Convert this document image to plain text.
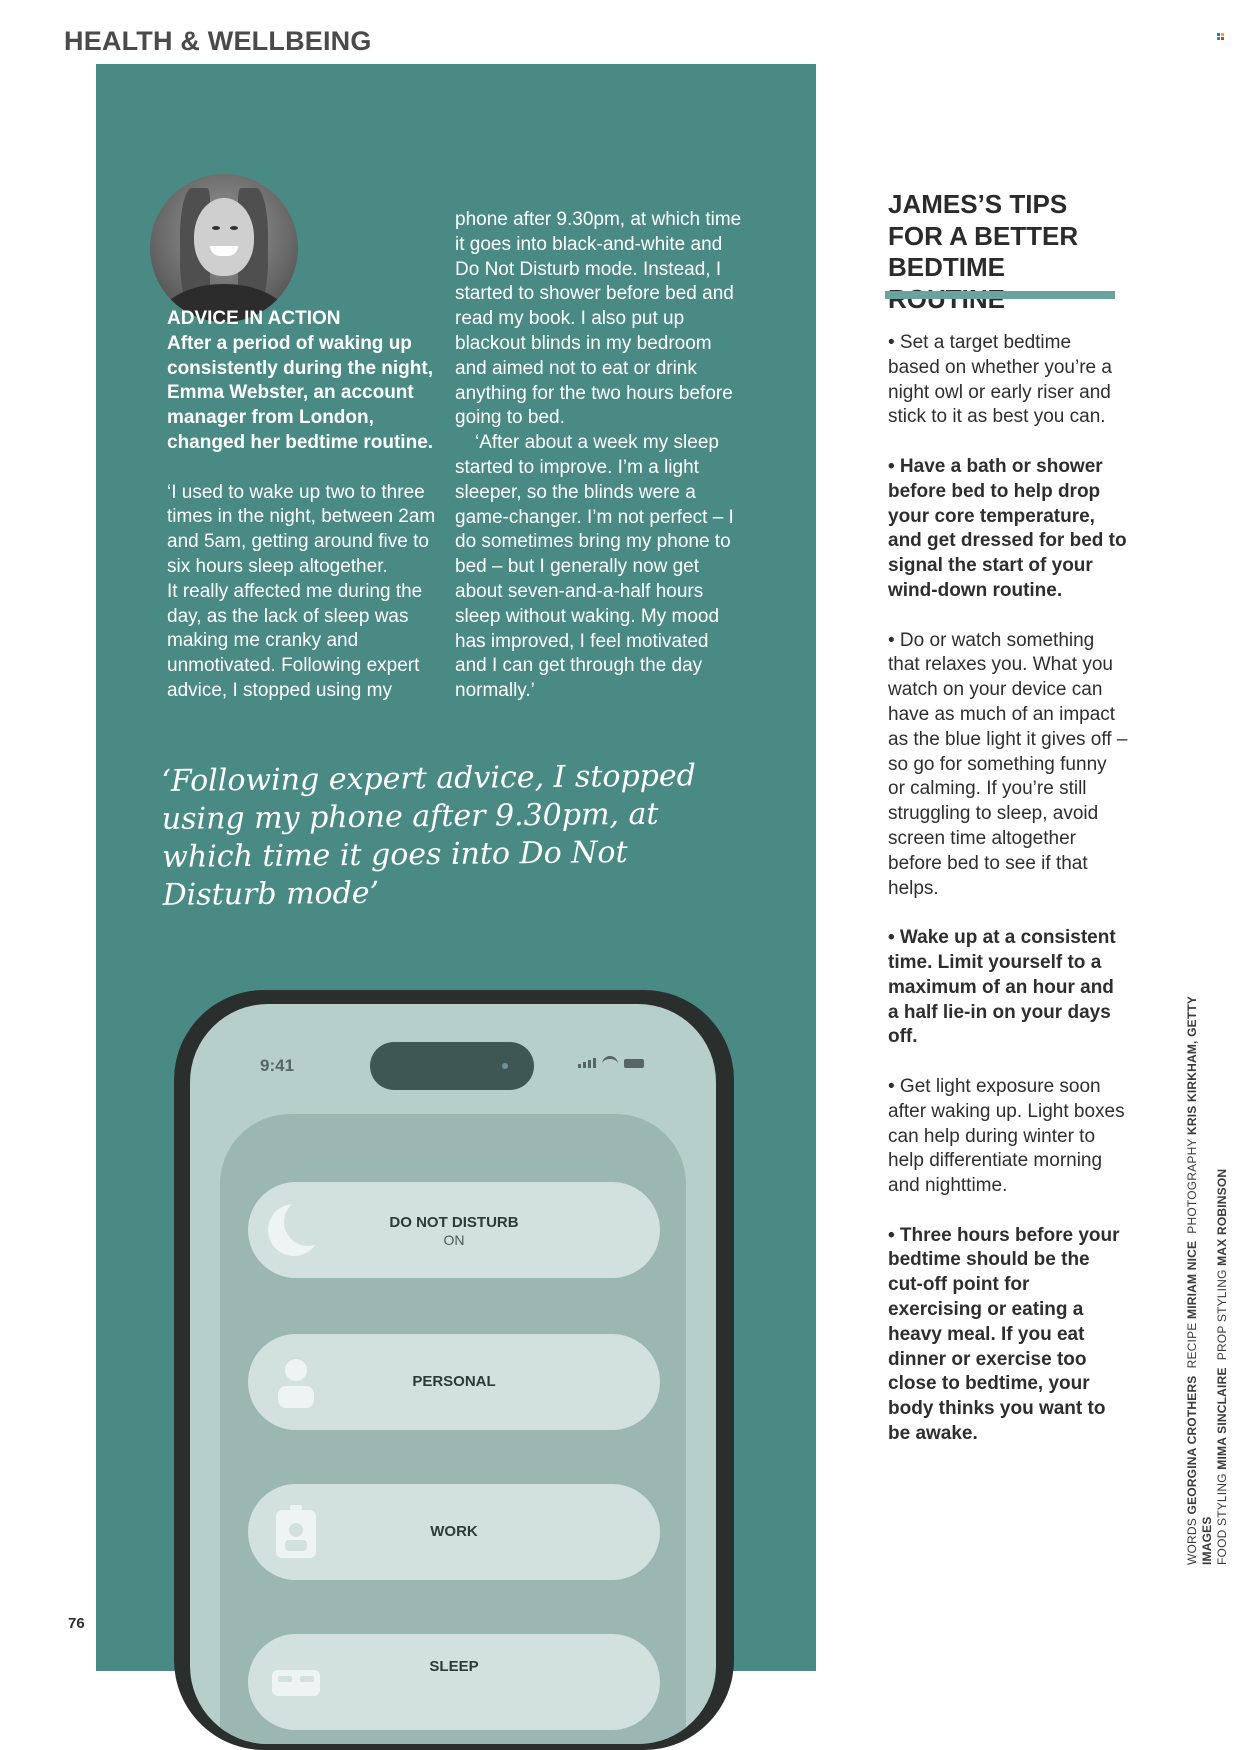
HEALTH & WELLBEING

ADVICE IN ACTION

After a period of waking up consistently during the night, Emma Webster, an account manager from London, changed her bedtime routine.

‘I used to wake up two to three times in the night, between 2am and 5am, getting around five to six hours sleep altogether.

It really affected me during the day, as the lack of sleep was making me cranky and unmotivated. Following expert advice, I stopped using my

phone after 9.30pm, at which time it goes into black-and-white and Do Not Disturb mode. Instead, I started to shower before bed and read my book. I also put up blackout blinds in my bedroom and aimed not to eat or drink anything for the two hours before going to bed.

‘After about a week my sleep started to improve. I’m a light sleeper, so the blinds were a game-changer. I’m not perfect – I do sometimes bring my phone to bed – but I generally now get about seven-and-a-half hours sleep without waking. My mood has improved, I feel motivated and I can get through the day normally.’

‘Following expert advice, I stopped using my phone after 9.30pm, at which time it goes into Do Not Disturb mode’

9:41
DO NOT DISTURB
ON
PERSONAL
WORK
SLEEP
JAMES’S TIPS FOR A BETTER BEDTIME

• Set a target bedtime based on whether you’re a night owl or early riser and stick to it as best you can.

• Have a bath or shower before bed to help drop your core temperature, and get dressed for bed to signal the start of your wind-down routine.

• Do or watch something that relaxes you. What you watch on your device can have as much of an impact as the blue light it gives off – so go for something funny or calming. If you’re still struggling to sleep, avoid screen time altogether before bed to see if that helps.

• Wake up at a consistent time. Limit yourself to a maximum of an hour and a half lie-in on your days off.

• Get light exposure soon after waking up. Light boxes can help during winter to help differentiate morning and nighttime.

• Three hours before your bedtime should be the cut-off point for exercising or eating a heavy meal. If you eat dinner or exercise too close to bedtime, your body thinks you want to be awake.

WORDS GEORGINA CROTHERS  RECIPE MIRIAM NICE  PHOTOGRAPHY KRIS KIRKHAM, GETTY IMAGES FOOD STYLING MIMA SINCLAIRE  PROP STYLING MAX ROBINSON
76
